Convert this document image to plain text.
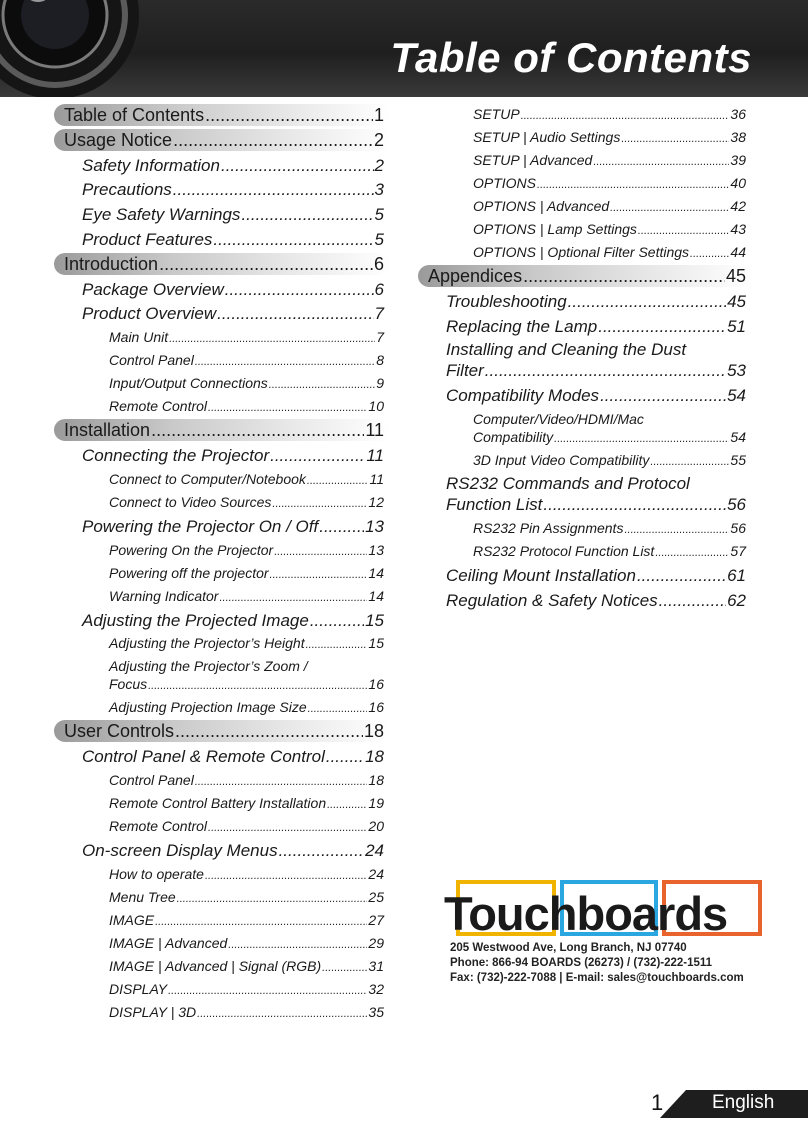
Table of Contents
Table of Contents .....	1
Usage Notice .....	2
Safety Information .....	2
Precautions .....	3
Eye Safety Warnings .....	5
Product Features .....	5
Introduction .....	6
Package Overview .....	6
Product Overview .....	7
Main Unit .....	7
Control Panel .....	8
Input/Output Connections .....	9
Remote Control .....	10
Installation .....	11
Connecting the Projector .....	11
Connect to Computer/Notebook .....	11
Connect to Video Sources .....	12
Powering the Projector On / Off .....	13
Powering On the Projector .....	13
Powering off the projector .....	14
Warning Indicator .....	14
Adjusting the Projected Image .....	15
Adjusting the Projector’s Height .....	15
Adjusting the Projector’s Zoom /
Focus .....	16
Adjusting Projection Image Size .....	16
User Controls .....	18
Control Panel & Remote Control ..... 18
Control Panel .....	18
Remote Control Battery Installation .....	19
Remote Control .....	20
On-screen Display Menus .....	24
How to operate .....	24
Menu Tree .....	25
IMAGE .....	27
IMAGE | Advanced .....	29
IMAGE | Advanced | Signal (RGB) .....	31
DISPLAY .....	32
DISPLAY | 3D .....	35
SETUP .....	36
SETUP | Audio Settings .....	38
SETUP | Advanced .....	39
OPTIONS .....	40
OPTIONS | Advanced .....	42
OPTIONS | Lamp Settings .....	43
OPTIONS | Optional Filter Settings .....	44
Appendices .....	45
Troubleshooting .....	45
Replacing the Lamp .....	51
Installing and Cleaning the Dust
Filter .....	53
Compatibility Modes .....	54
Computer/Video/HDMI/Mac
Compatibility .....	54
3D Input Video Compatibility .....	55
RS232 Commands and Protocol
Function List .....	56
RS232 Pin Assignments .....	56
RS232 Protocol Function List .....	57
Ceiling Mount Installation .....	61
Regulation & Safety Notices .....	62
Touchboards
205 Westwood Ave, Long Branch, NJ 07740
Phone: 866-94 BOARDS (26273) / (732)-222-1511
Fax: (732)-222-7088 | E-mail: sales@touchboards.com
1	English
